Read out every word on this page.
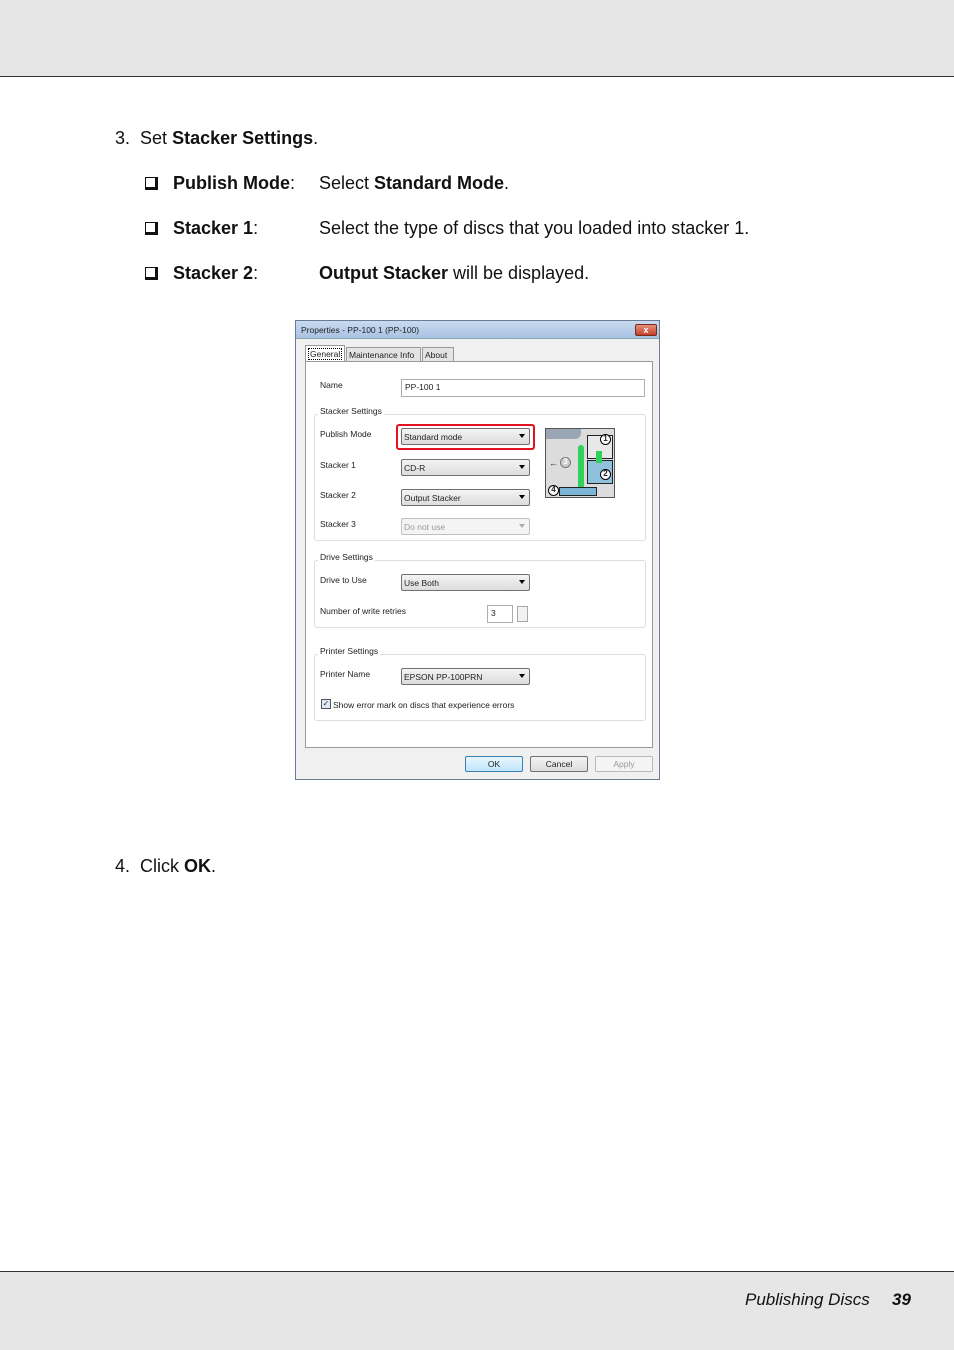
3. Set Stacker Settings.
Publish Mode: Select Standard Mode.
Stacker 1:	Select the type of discs that you loaded into stacker 1.
Stacker 2:	Output Stacker will be displayed.
Properties - PP-100 1 (PP-100)	x
General	Maintenance Info	About
Name	PP-100 1
Stacker Settings
Publish Mode	Standard mode
Stacker 1	CD-R
Stacker 2	Output Stacker
Stacker 3	Do not use
1
2
3
4
←
Drive Settings
Drive to Use	Use Both
Number of write retries	3
Printer Settings
Printer Name	EPSON PP-100PRN
✓ Show error mark on discs that experience errors
OK	Cancel	Apply
4. Click OK.
Publishing Discs 39
